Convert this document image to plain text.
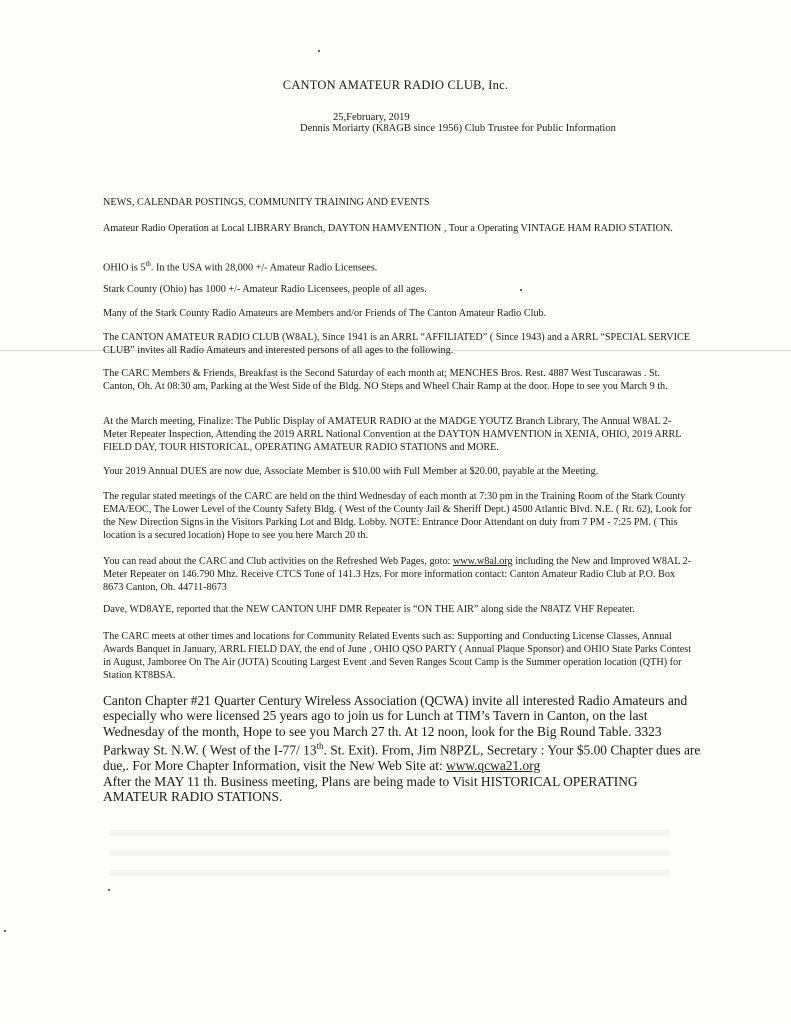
CANTON AMATEUR RADIO CLUB, Inc.
25,February, 2019
Dennis Moriarty (K8AGB since 1956) Club Trustee for Public Information

NEWS, CALENDAR POSTINGS, COMMUNITY TRAINING AND EVENTS

Amateur Radio Operation at Local LIBRARY Branch, DAYTON HAMVENTION , Tour a Operating VINTAGE HAM RADIO STATION.

OHIO is 5th. In the USA with 28,000 +/- Amateur Radio Licensees.

Stark County (Ohio) has 1000 +/- Amateur Radio Licensees, people of all ages.

Many of the Stark County Radio Amateurs are Members and/or Friends of The Canton Amateur Radio Club.

The CANTON AMATEUR RADIO CLUB (W8AL), Since 1941 is an ARRL “AFFILIATED” ( Since 1943) and a ARRL “SPECIAL SERVICE CLUB” invites all Radio Amateurs and interested persons of all ages to the following.

The CARC Members & Friends, Breakfast is the Second Saturday of each month at; MENCHES Bros. Rest. 4887 West Tuscarawas . St. Canton, Oh. At 08:30 am, Parking at the West Side of the Bldg. NO Steps and Wheel Chair Ramp at the door. Hope to see you March 9 th.

At the March meeting, Finalize: The Public Display of AMATEUR RADIO at the MADGE YOUTZ Branch Library, The Annual W8AL 2-Meter Repeater Inspection, Attending the 2019 ARRL National Convention at the DAYTON HAMVENTION in XENIA, OHIO, 2019 ARRL FIELD DAY, TOUR HISTORICAL, OPERATING AMATEUR RADIO STATIONS and MORE.

Your 2019 Annual DUES are now due, Associate Member is $10.00 with Full Member at $20.00, payable at the Meeting.

The regular stated meetings of the CARC are held on the third Wednesday of each month at 7:30 pm in the Training Room of the Stark County EMA/EOC, The Lower Level of the County Safety Bldg. ( West of the County Jail & Sheriff Dept.) 4500 Atlantic Blvd. N.E. ( Rt. 62), Look for the New Direction Signs in the Visitors Parking Lot and Bldg. Lobby. NOTE: Entrance Door Attendant on duty from 7 PM - 7:25 PM. ( This location is a secured location) Hope to see you here March 20 th.

You can read about the CARC and Club activities on the Refreshed Web Pages, goto: www.w8al.org including the New and Improved W8AL 2-Meter Repeater on 146.790 Mhz. Receive CTCS Tone of 141.3 Hzs. For more information contact: Canton Amateur Radio Club at P.O. Box 8673 Canton, Oh. 44711-8673

Dave, WD8AYE, reported that the NEW CANTON UHF DMR Repeater is “ON THE AIR” along side the N8ATZ VHF Repeater.

The CARC meets at other times and locations for Community Related Events such as: Supporting and Conducting License Classes, Annual Awards Banquet in January, ARRL FIELD DAY, the end of June , OHIO QSO PARTY ( Annual Plaque Sponsor) and OHIO State Parks Contest in August, Jamboree On The Air (JOTA) Scouting Largest Event .and Seven Ranges Scout Camp is the Summer operation location (QTH) for Station KT8BSA.

Canton Chapter #21 Quarter Century Wireless Association (QCWA) invite all interested Radio Amateurs and especially who were licensed 25 years ago to join us for Lunch at TIM’s Tavern in Canton, on the last Wednesday of the month, Hope to see you March 27 th. At 12 noon, look for the Big Round Table. 3323 Parkway St. N.W. ( West of the I-77/ 13th. St. Exit). From, Jim N8PZL, Secretary : Your $5.00 Chapter dues are due,. For More Chapter Information, visit the New Web Site at: www.qcwa21.org
After the MAY 11 th. Business meeting, Plans are being made to Visit HISTORICAL OPERATING AMATEUR RADIO STATIONS.
